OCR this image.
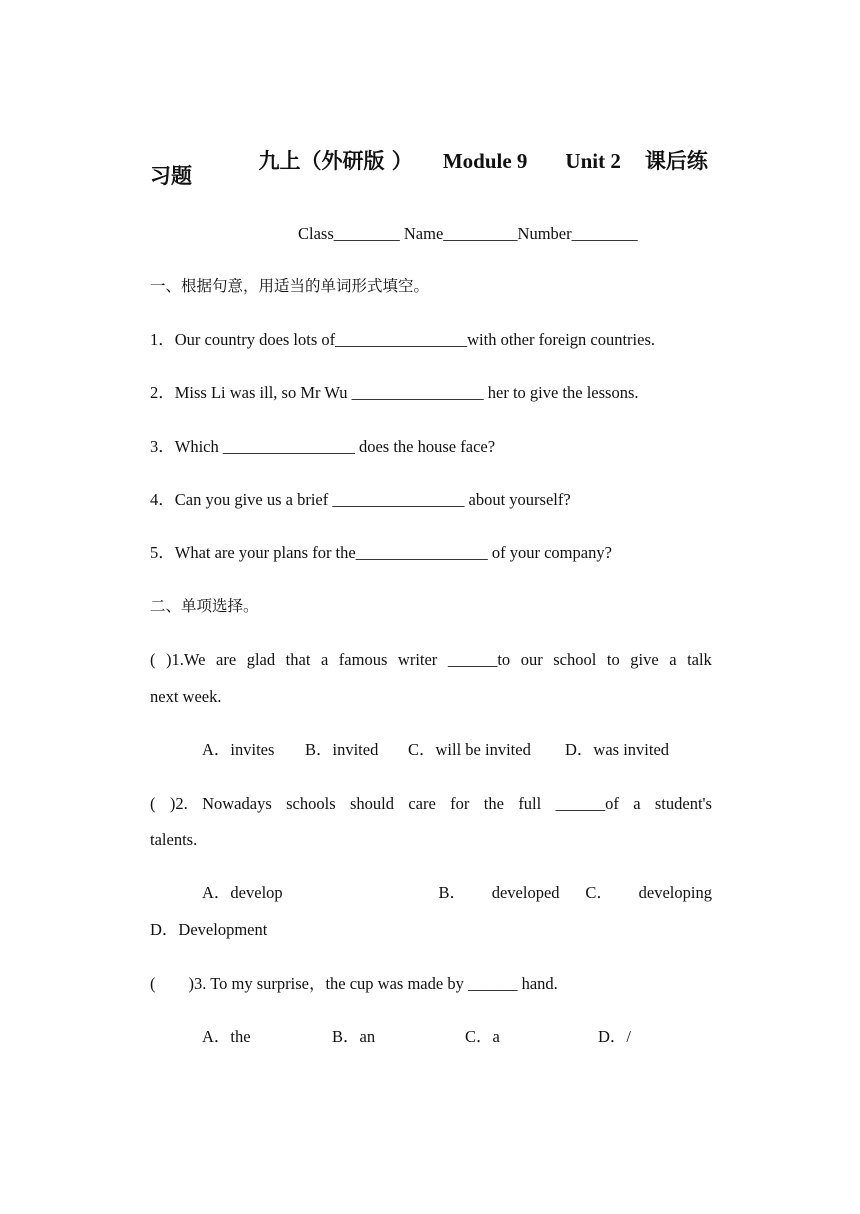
九上（外研版 ） Module 9 Unit 2 课后练

习题
Class________ Name_________Number________
一、根据句意，用适当的单词形式填空。
1．Our country does lots of________________with other foreign countries.
2．Miss Li was ill, so Mr Wu ________________ her to give the lessons.
3．Which ________________ does the house face?
4．Can you give us a brief ________________ about yourself?
5．What are your plans for the________________ of your company?
二、单项选择。
( )1.We are glad that a famous writer ______to our school to give a talk
next week.
A．invites B．invited C．will be invited D．was invited
( )2. Nowadays schools should care for the full ______of a student's
talents.
A．develop	B． developed C． developing
D．Development
(        )3. To my surprise，the cup was made by ______ hand.
A．the	B．an	C．a	D．/
